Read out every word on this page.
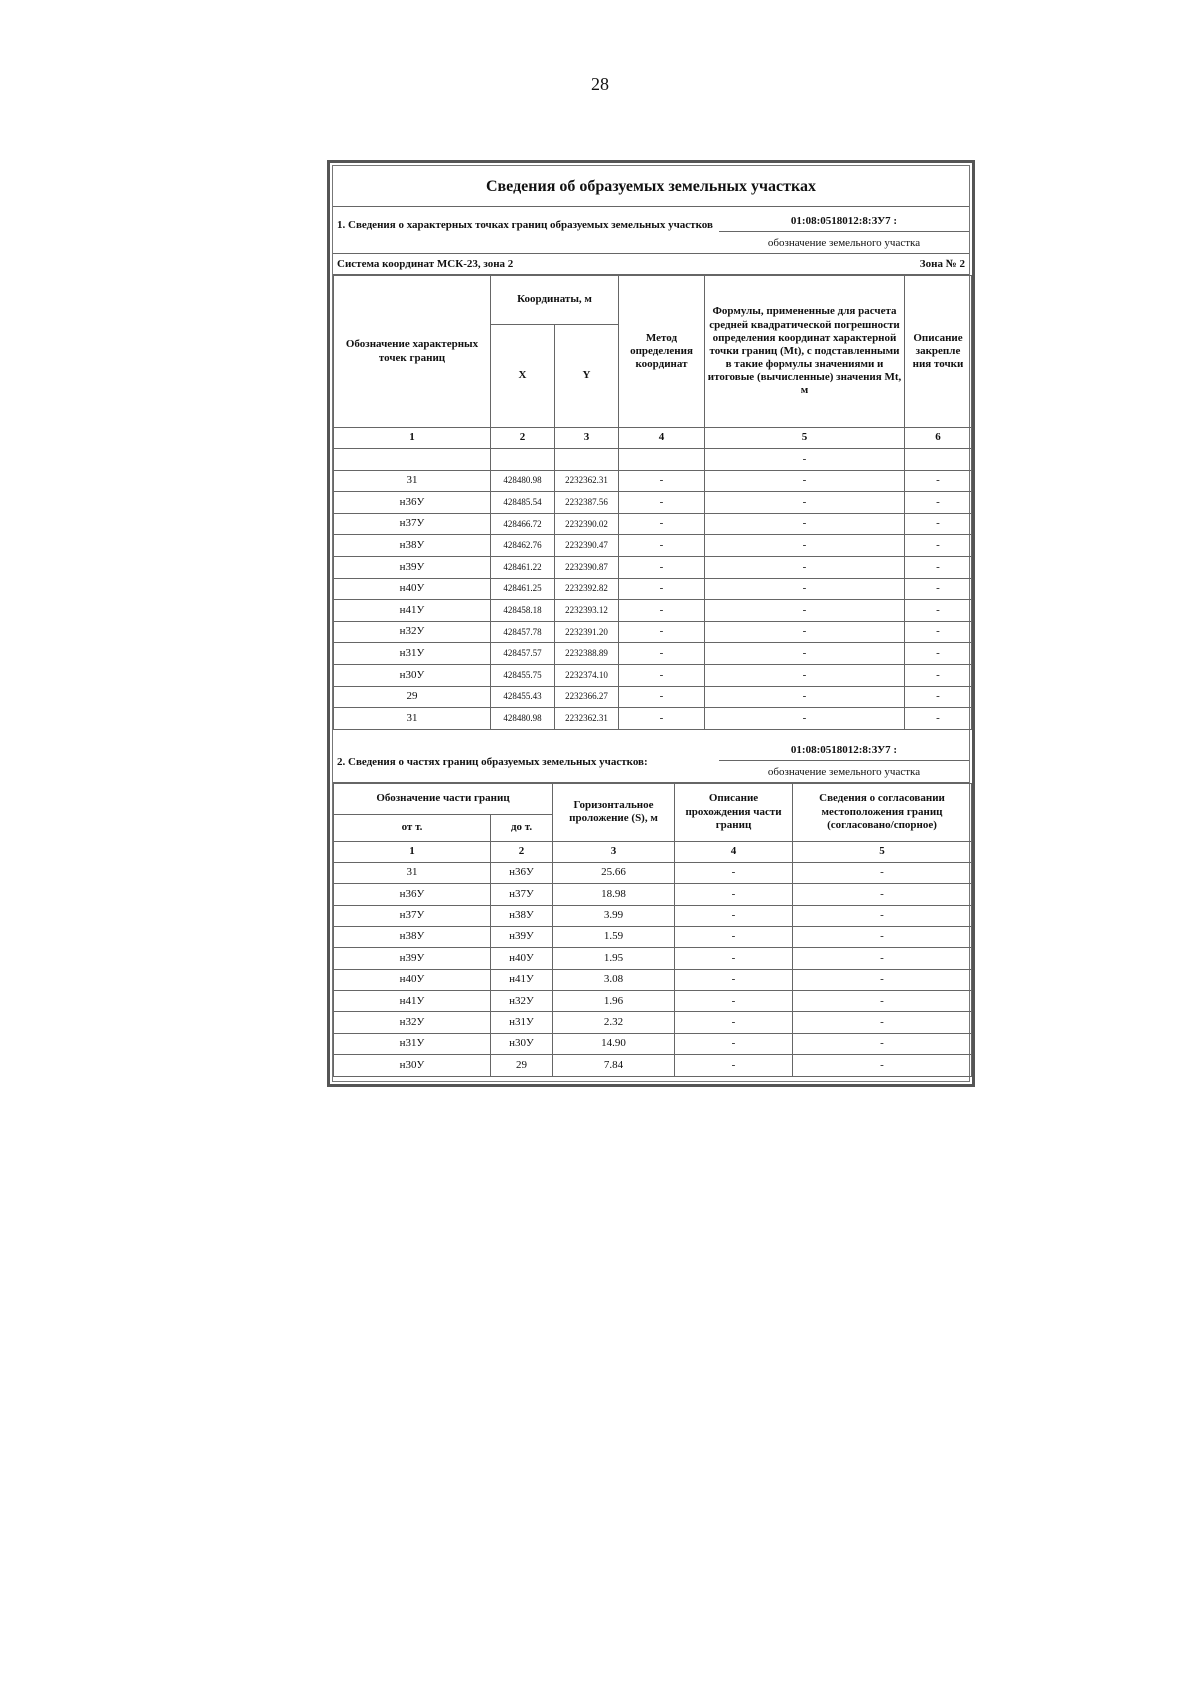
28
Сведения об образуемых земельных участках
1. Сведения о характерных точках границ образуемых земельных участков	01:08:0518012:8:ЗУ7 :
обозначение земельного участка
Система координат МСК-23, зона 2	Зона № 2
Обозначение характерных точек границ	Координаты, м		Метод определения координат	Формулы, примененные для расчета средней квадратической погрешности определения координат характерной точки границ (Mt), с подставленными в такие формулы значениями и итоговые (вычисленные) значения Mt, м	Описание закрепле ния точки
	X	Y			
1	2	3	4	5	6
				-	
31	428480.98	2232362.31	-	-	-
н36У	428485.54	2232387.56	-	-	-
н37У	428466.72	2232390.02	-	-	-
н38У	428462.76	2232390.47	-	-	-
н39У	428461.22	2232390.87	-	-	-
н40У	428461.25	2232392.82	-	-	-
н41У	428458.18	2232393.12	-	-	-
н32У	428457.78	2232391.20	-	-	-
н31У	428457.57	2232388.89	-	-	-
н30У	428455.75	2232374.10	-	-	-
29	428455.43	2232366.27	-	-	-
31	428480.98	2232362.31	-	-	-
2. Сведения о частях границ образуемых земельных участков:
01:08:0518012:8:ЗУ7 :
обозначение земельного участка
Обозначение части границ		Горизонтальное проложение (S), м	Описание прохождения части границ	Сведения о согласовании местоположения границ (согласовано/спорное)
от т.	до т.			
1	2	3	4	5
31	н36У	25.66	-	-
н36У	н37У	18.98	-	-
н37У	н38У	3.99	-	-
н38У	н39У	1.59	-	-
н39У	н40У	1.95	-	-
н40У	н41У	3.08	-	-
н41У	н32У	1.96	-	-
н32У	н31У	2.32	-	-
н31У	н30У	14.90	-	-
н30У	29	7.84	-	-
